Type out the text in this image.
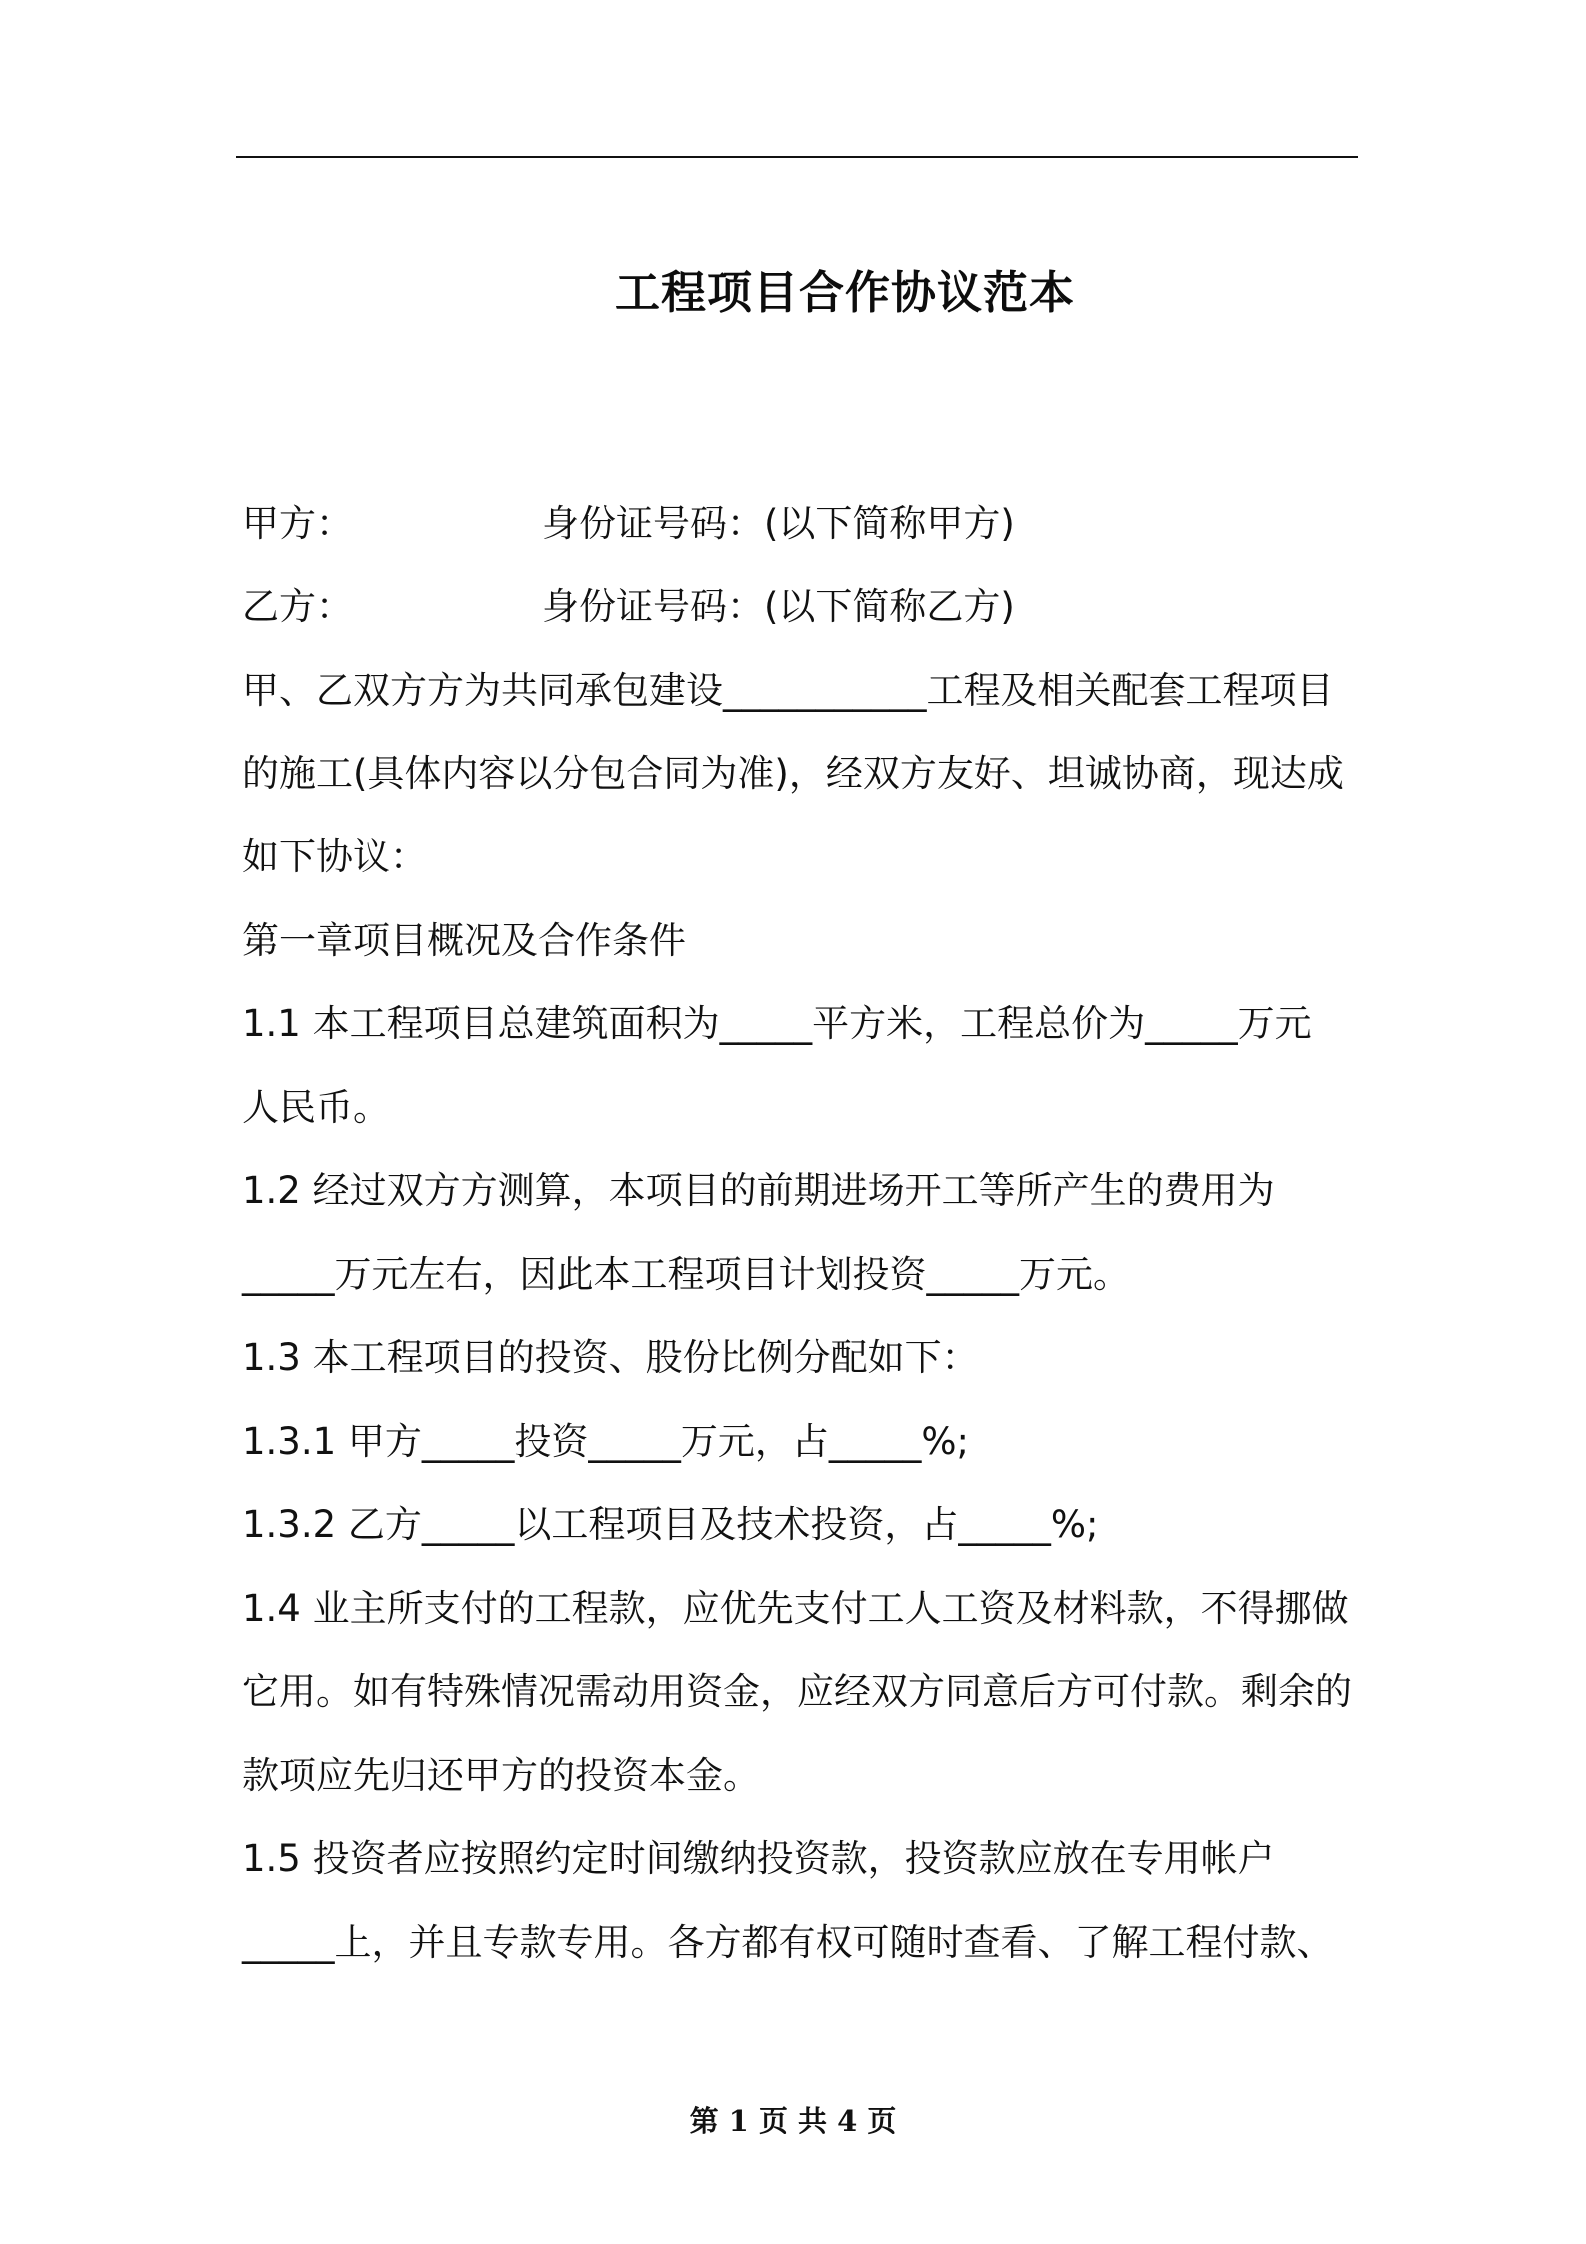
工程项目合作协议范本
甲方：	身份证号码：(以下简称甲方)
乙方：	身份证号码：(以下简称乙方)
甲、乙双方方为共同承包建设___________工程及相关配套工程项目
的施工(具体内容以分包合同为准)，经双方友好、坦诚协商，现达成
如下协议：
第一章项目概况及合作条件
1.1 本工程项目总建筑面积为_____平方米，工程总价为_____万元
人民币。
1.2 经过双方方测算，本项目的前期进场开工等所产生的费用为
_____万元左右，因此本工程项目计划投资_____万元。
1.3 本工程项目的投资、股份比例分配如下：
1.3.1 甲方_____投资_____万元，占_____%;
1.3.2 乙方_____以工程项目及技术投资，占_____%;
1.4 业主所支付的工程款，应优先支付工人工资及材料款，不得挪做
它用。如有特殊情况需动用资金，应经双方同意后方可付款。剩余的
款项应先归还甲方的投资本金。
1.5 投资者应按照约定时间缴纳投资款，投资款应放在专用帐户
_____上，并且专款专用。各方都有权可随时查看、了解工程付款、
第 1 页 共 4 页
